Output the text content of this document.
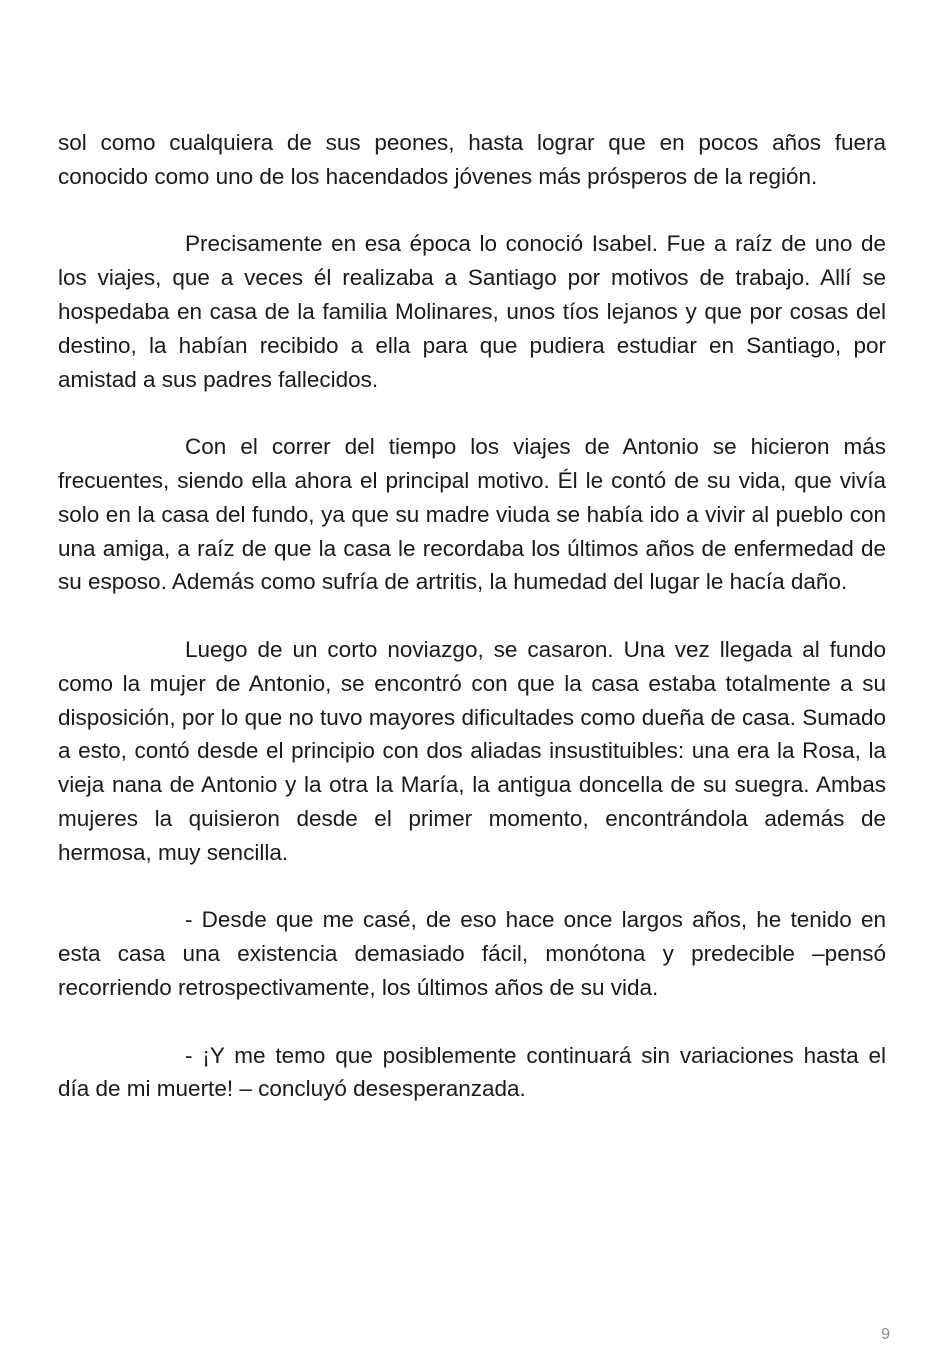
sol como cualquiera de sus peones, hasta lograr que en pocos años fuera conocido como uno de los hacendados jóvenes más prósperos de la región.

Precisamente en esa época lo conoció Isabel. Fue a raíz de uno de los viajes, que a veces él realizaba a Santiago por motivos de trabajo. Allí se hospedaba en casa de la familia Molinares, unos tíos lejanos y que por cosas del destino, la habían recibido a ella para que pudiera estudiar en Santiago, por amistad a sus padres fallecidos.

Con el correr del tiempo los viajes de Antonio se hicieron más frecuentes, siendo ella ahora el principal motivo. Él le contó de su vida, que vivía solo en la casa del fundo, ya que su madre viuda se había ido a vivir al pueblo con una amiga, a raíz de que la casa le recordaba los últimos años de enfermedad de su esposo. Además como sufría de artritis, la humedad del lugar le hacía daño.

Luego de un corto noviazgo, se casaron. Una vez llegada al fundo como la mujer de Antonio, se encontró con que la casa estaba totalmente a su disposición, por lo que no tuvo mayores dificultades como dueña de casa. Sumado a esto, contó desde el principio con dos aliadas insustituibles: una era la Rosa, la vieja nana de Antonio y la otra la María, la antigua doncella de su suegra. Ambas mujeres la quisieron desde el primer momento, encontrándola además de hermosa, muy sencilla.

- Desde que me casé, de eso hace once largos años, he tenido en esta casa una existencia demasiado fácil, monótona y predecible –pensó recorriendo retrospectivamente, los últimos años de su vida.

- ¡Y me temo que posiblemente continuará sin variaciones hasta el día de mi muerte! – concluyó desesperanzada.

9
